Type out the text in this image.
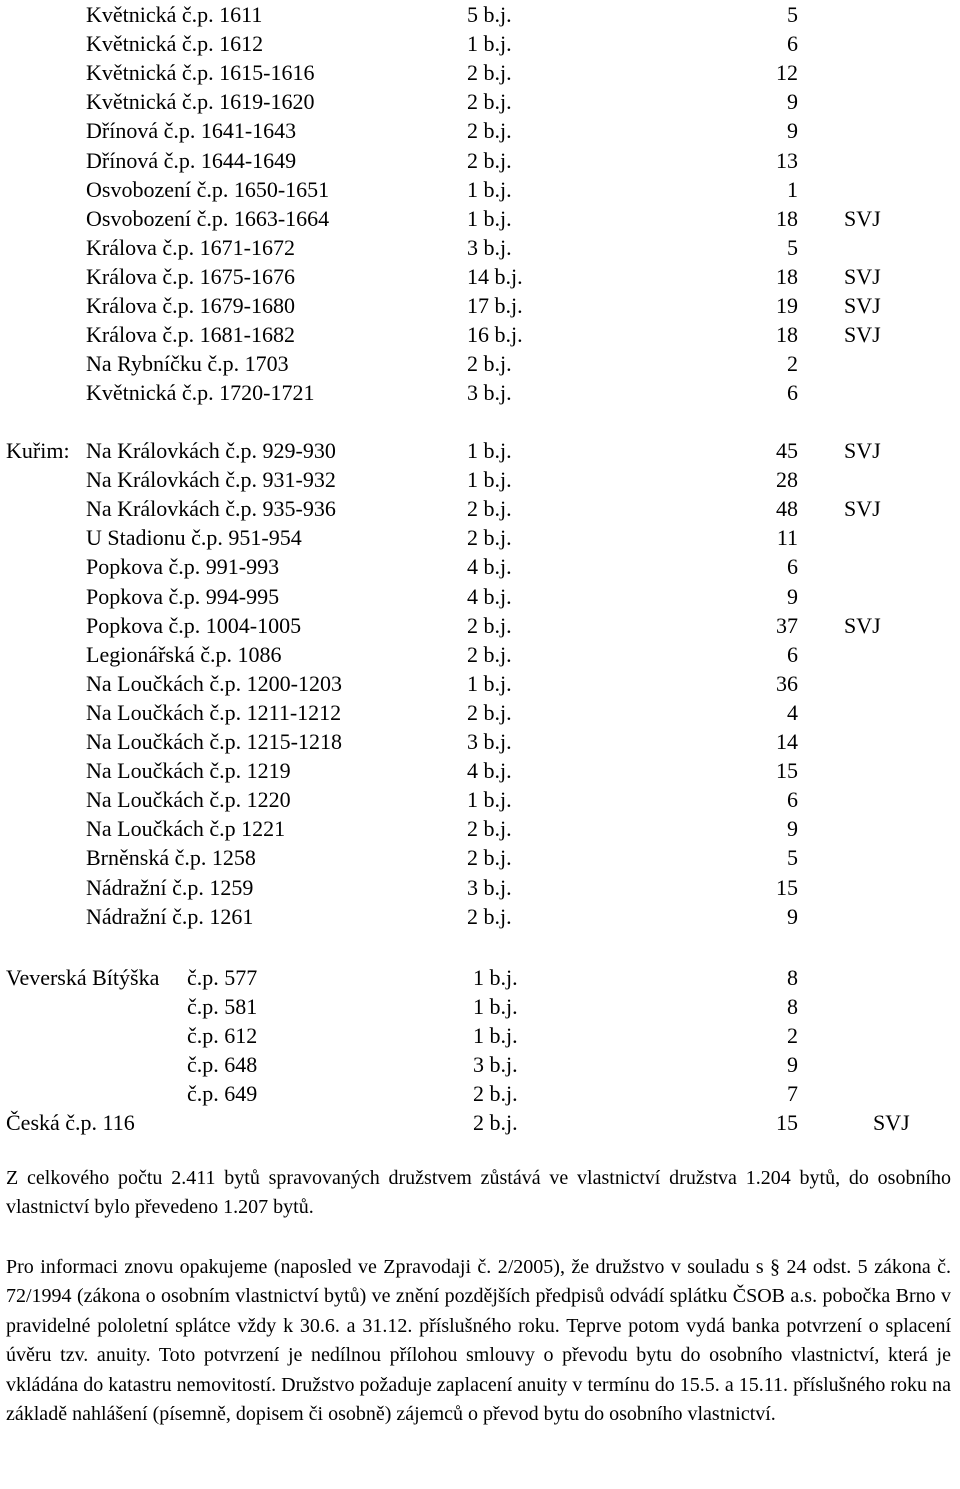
Květnická č.p. 1611	5 b.j.	5
Květnická č.p. 1612	1 b.j.	6
Květnická č.p. 1615-1616	2 b.j.	12
Květnická č.p. 1619-1620	2 b.j.	9
Dřínová č.p. 1641-1643	2 b.j.	9
Dřínová č.p. 1644-1649	2 b.j.	13
Osvobození č.p. 1650-1651	1 b.j.	1
Osvobození č.p. 1663-1664	1 b.j.	18 SVJ
Králova č.p. 1671-1672	3 b.j.	5
Králova č.p. 1675-1676	14 b.j.	18 SVJ
Králova č.p. 1679-1680	17 b.j.	19 SVJ
Králova č.p. 1681-1682	16 b.j.	18 SVJ
Na Rybníčku č.p. 1703	2 b.j.	2
Květnická č.p. 1720-1721	3 b.j.	6
Kuřim: Na Královkách č.p. 929-930	1 b.j.	45 SVJ
Na Královkách č.p. 931-932	1 b.j.	28
Na Královkách č.p. 935-936	2 b.j.	48 SVJ
U Stadionu č.p. 951-954	2 b.j.	11
Popkova č.p. 991-993	4 b.j.	6
Popkova č.p. 994-995	4 b.j.	9
Popkova č.p. 1004-1005	2 b.j.	37 SVJ
Legionářská č.p. 1086	2 b.j.	6
Na Loučkách č.p. 1200-1203	1 b.j.	36
Na Loučkách č.p. 1211-1212	2 b.j.	4
Na Loučkách č.p. 1215-1218	3 b.j.	14
Na Loučkách č.p. 1219	4 b.j.	15
Na Loučkách č.p. 1220	1 b.j.	6
Na Loučkách č.p 1221	2 b.j.	9
Brněnská č.p. 1258	2 b.j.	5
Nádražní č.p. 1259	3 b.j.	15
Nádražní č.p. 1261	2 b.j.	9
Veverská Bítýška č.p. 577	1 b.j.	8
č.p. 581	1 b.j.	8
č.p. 612	1 b.j.	2
č.p. 648	3 b.j.	9
č.p. 649	2 b.j.	7
Česká č.p. 116	2 b.j.	15	SVJ

Z celkového počtu 2.411 bytů spravovaných družstvem zůstává ve vlastnictví družstva 1.204 bytů, do osobního vlastnictví bylo převedeno 1.207 bytů.

Pro informaci znovu opakujeme (naposled ve Zpravodaji č. 2/2005), že družstvo v souladu s § 24 odst. 5 zákona č. 72/1994 (zákona o osobním vlastnictví bytů) ve znění pozdějších předpisů odvádí splátku ČSOB a.s. pobočka Brno v pravidelné pololetní splátce vždy k 30.6. a 31.12. příslušného roku. Teprve potom vydá banka potvrzení o splacení úvěru tzv. anuity. Toto potvrzení je nedílnou přílohou smlouvy o převodu bytu do osobního vlastnictví, která je vkládána do katastru nemovitostí. Družstvo požaduje zaplacení anuity v termínu do 15.5. a 15.11. příslušného roku na základě nahlášení (písemně, dopisem či osobně) zájemců o převod bytu do osobního vlastnictví.
